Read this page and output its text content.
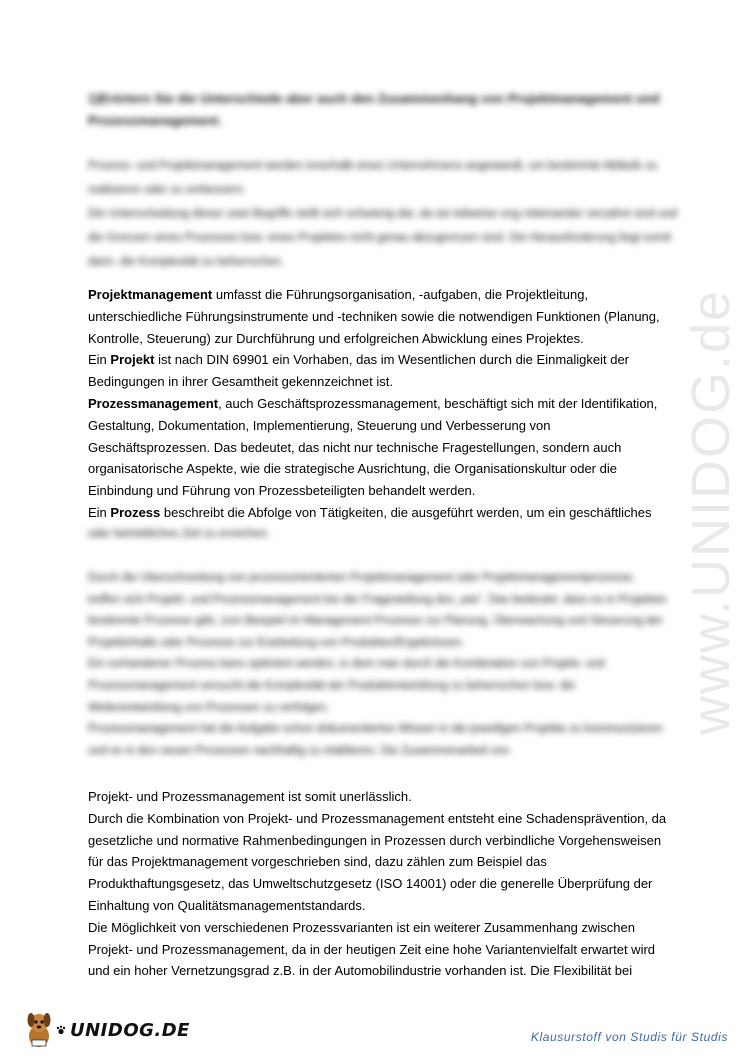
www.UNIDOG.de
1)Erörtern Sie die Unterschiede aber auch den Zusammenhang von Projektmanagement und Prozessmanagement.
Prozess- und Projektmanagement werden innerhalb eines Unternehmens angewandt, um bestimmte Abläufe zu realisieren oder zu verbessern.
Die Unterscheidung dieser zwei Begriffe stellt sich schwierig dar, da sie teilweise eng miteinander verzahnt sind und die Grenzen eines Prozesses bzw. eines Projektes nicht genau abzugrenzen sind. Die Herausforderung liegt somit darin, die Komplexität zu beherrschen.

Projektmanagement umfasst die Führungsorganisation, -aufgaben, die Projektleitung, unterschiedliche Führungsinstrumente und -techniken sowie die notwendigen Funktionen (Planung, Kontrolle, Steuerung) zur Durchführung und erfolgreichen Abwicklung eines Projektes.

Ein Projekt ist nach DIN 69901 ein Vorhaben, das im Wesentlichen durch die Einmaligkeit der Bedingungen in ihrer Gesamtheit gekennzeichnet ist.

Prozessmanagement, auch Geschäftsprozessmanagement, beschäftigt sich mit der Identifikation, Gestaltung, Dokumentation, Implementierung, Steuerung und Verbesserung von Geschäftsprozessen. Das bedeutet, das nicht nur technische Fragestellungen, sondern auch organisatorische Aspekte, wie die strategische Ausrichtung, die Organisationskultur oder die Einbindung und Führung von Prozessbeteiligten behandelt werden.

Ein Prozess beschreibt die Abfolge von Tätigkeiten, die ausgeführt werden, um ein geschäftliches

oder betriebliches Ziel zu erreichen.

Durch die Überschneidung von prozessorientierten Projektmanagement oder Projektmanagementprozesse, treffen sich Projekt- und Prozessmanagement bei der Fragestellung des „wie“. Das bedeutet, dass es in Projekten bestimmte Prozesse gibt, zum Beispiel im Management Prozesse zur Planung, Überwachung und Steuerung der Projektinhalte oder Prozesse zur Erarbeitung von Produkten/Ergebnissen.
Ein vorhandener Prozess kann optimiert werden, in dem man durch die Kombination von Projekt- und Prozessmanagement versucht die Komplexität der Produktentwicklung zu beherrschen bzw. die Weiterentwicklung von Prozessen zu verfolgen.
Prozessmanagement hat die Aufgabe schon dokumentiertes Wissen in die jeweiligen Projekte zu kommunizieren und es in den neuen Prozessen nachhaltig zu etablieren. Die Zusammenarbeit von

Projekt- und Prozessmanagement ist somit unerlässlich.

Durch die Kombination von Projekt- und Prozessmanagement entsteht eine Schadensprävention, da gesetzliche und normative Rahmenbedingungen in Prozessen durch verbindliche Vorgehensweisen für das Projektmanagement vorgeschrieben sind, dazu zählen zum Beispiel das Produkthaftungsgesetz, das Umweltschutzgesetz (ISO 14001) oder die generelle Überprüfung der Einhaltung von Qualitätsmanagementstandards.

Die Möglichkeit von verschiedenen Prozessvarianten ist ein weiterer Zusammenhang zwischen Projekt- und Prozessmanagement, da in der heutigen Zeit eine hohe Variantenvielfalt erwartet wird und ein hoher Vernetzungsgrad z.B. in der Automobilindustrie vorhanden ist. Die Flexibilität bei

UNIDOG.DE	Klausurstoff von Studis für Studis
